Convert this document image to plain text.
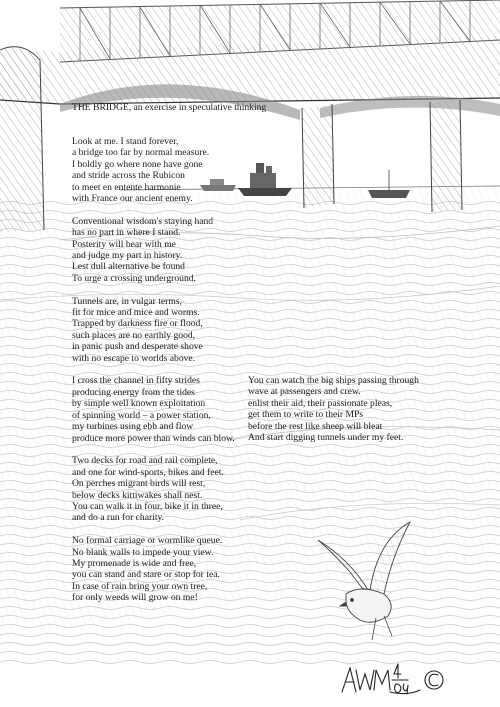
THE BRIDGE, an exercise in speculative thinking
Look at me. I stand forever,
a bridge too far by normal measure.
I boldly go where none have gone
and stride across the Rubicon
to meet en entente harmonie
with France our ancient enemy.
Conventional wisdom's staying hand
has no part in where I stand.
Posterity will bear with me
and judge my part in history.
Lest dull alternative be found
To urge a crossing underground.
Tunnels are, in vulgar terms,
fit for mice and mice and worms.
Trapped by darkness fire or flood,
such places are no earthly good,
in panic push and desperate shove
with no escape to worlds above.
I cross the channel in fifty strides
producing energy from the tides
by simple well known exploitation
of spinning world – a power station,
my turbines using ebb and flow
produce more power than winds can blow.
Two decks for road and rail complete,
and one for wind-sports, bikes and feet.
On perches migrant birds will rest,
below decks kittiwakes shall nest.
You can walk it in four, bike it in three,
and do a run for charity.
No formal carriage or wormlike queue.
No blank walls to impede your view.
My promenade is wide and free,
you can stand and stare or stop for tea.
In case of rain bring your own tree,
for only weeds will grow on me!
You can watch the big ships passing through
wave at passengers and crew.
enlist their aid, their passionate pleas,
get them to write to their MPs
before the rest like sheep will bleat
And start digging tunnels under my feet.
